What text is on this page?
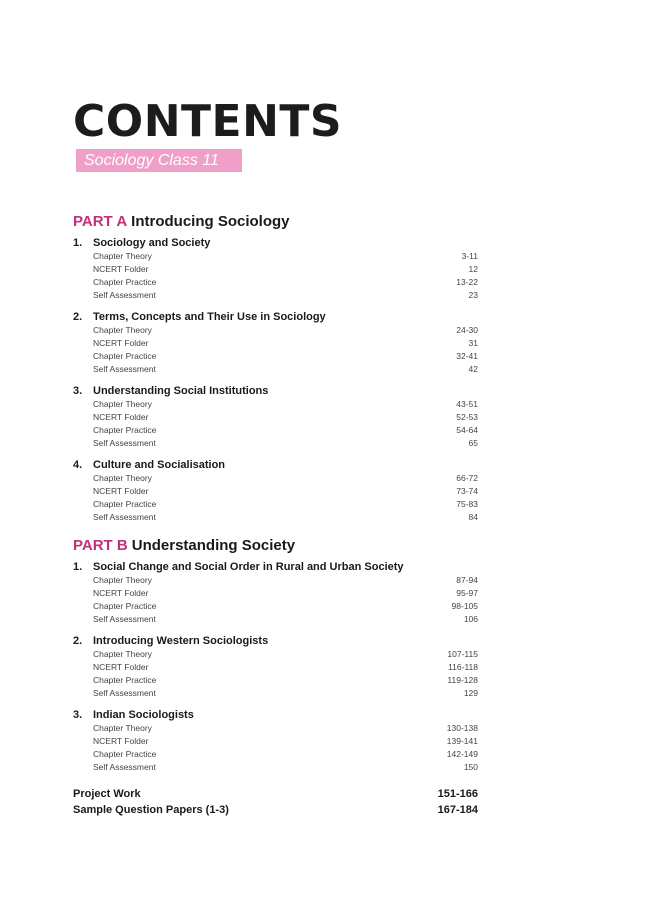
CONTENTS
Sociology Class 11
PART A Introducing Sociology
1. Sociology and Society
Chapter Theory	3-11
NCERT Folder	12
Chapter Practice	13-22
Self Assessment	23
2. Terms, Concepts and Their Use in Sociology
Chapter Theory	24-30
NCERT Folder	31
Chapter Practice	32-41
Self Assessment	42
3. Understanding Social Institutions
Chapter Theory	43-51
NCERT Folder	52-53
Chapter Practice	54-64
Self Assessment	65
4. Culture and Socialisation
Chapter Theory	66-72
NCERT Folder	73-74
Chapter Practice	75-83
Self Assessment	84
PART B Understanding Society
1. Social Change and Social Order in Rural and Urban Society
Chapter Theory	87-94
NCERT Folder	95-97
Chapter Practice	98-105
Self Assessment	106
2. Introducing Western Sociologists
Chapter Theory	107-115
NCERT Folder	116-118
Chapter Practice	119-128
Self Assessment	129
3. Indian Sociologists
Chapter Theory	130-138
NCERT Folder	139-141
Chapter Practice	142-149
Self Assessment	150
Project Work	151-166
Sample Question Papers (1-3)	167-184
